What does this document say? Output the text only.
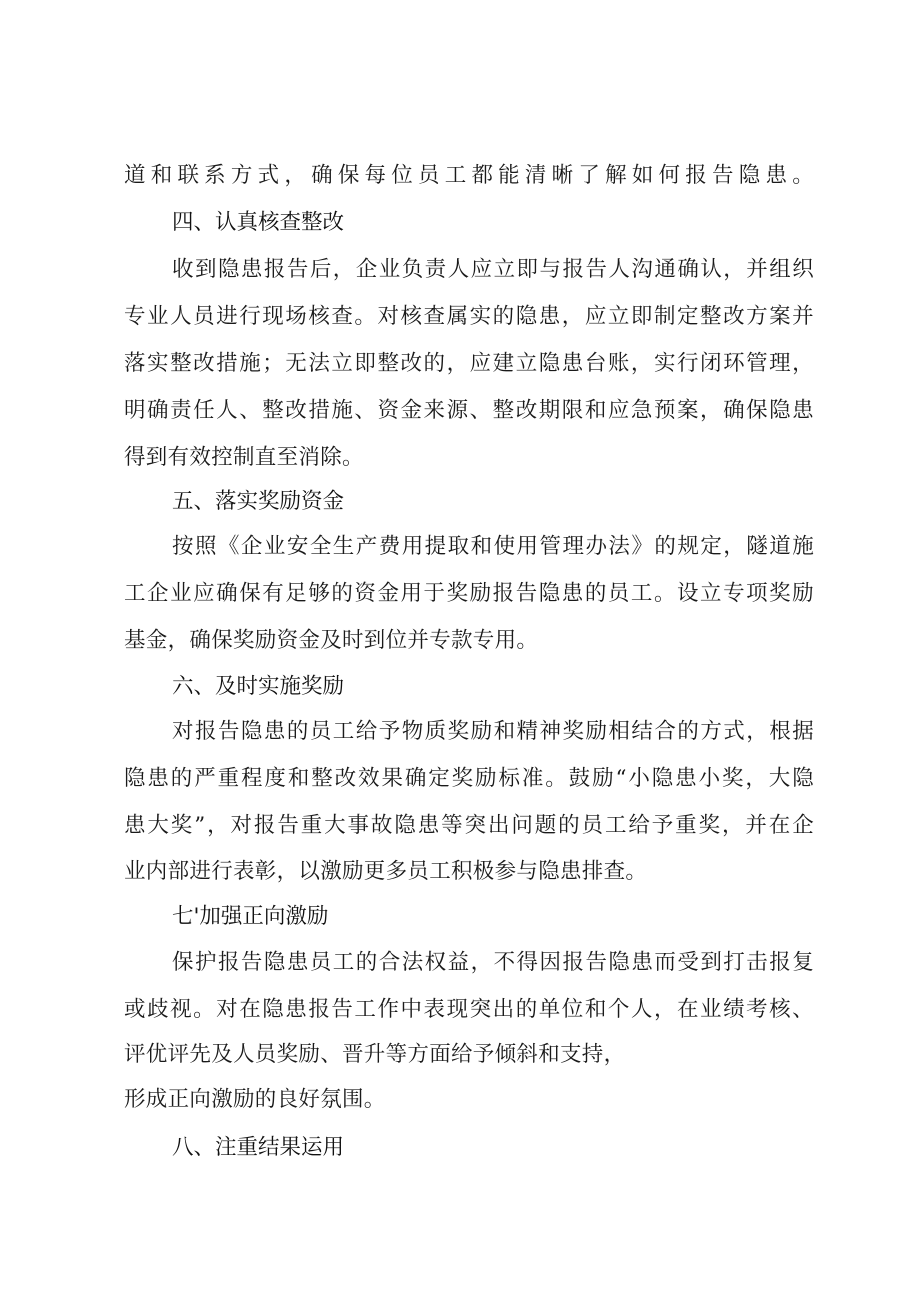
道和联系方式，确保每位员工都能清晰了解如何报告隐患。
四、认真核查整改
收到隐患报告后，企业负责人应立即与报告人沟通确认，并组织
专业人员进行现场核查。对核查属实的隐患，应立即制定整改方案并
落实整改措施；无法立即整改的，应建立隐患台账，实行闭环管理，
明确责任人、整改措施、资金来源、整改期限和应急预案，确保隐患
得到有效控制直至消除。
五、落实奖励资金
按照《企业安全生产费用提取和使用管理办法》的规定，隧道施
工企业应确保有足够的资金用于奖励报告隐患的员工。设立专项奖励
基金，确保奖励资金及时到位并专款专用。
六、及时实施奖励
对报告隐患的员工给予物质奖励和精神奖励相结合的方式，根据
隐患的严重程度和整改效果确定奖励标准。鼓励“小隐患小奖，大隐
患大奖”，对报告重大事故隐患等突出问题的员工给予重奖，并在企
业内部进行表彰，以激励更多员工积极参与隐患排查。
七'加强正向激励
保护报告隐患员工的合法权益，不得因报告隐患而受到打击报复
或歧视。对在隐患报告工作中表现突出的单位和个人，在业绩考核、
评优评先及人员奖励、晋升等方面给予倾斜和支持，
形成正向激励的良好氛围。
八、注重结果运用
